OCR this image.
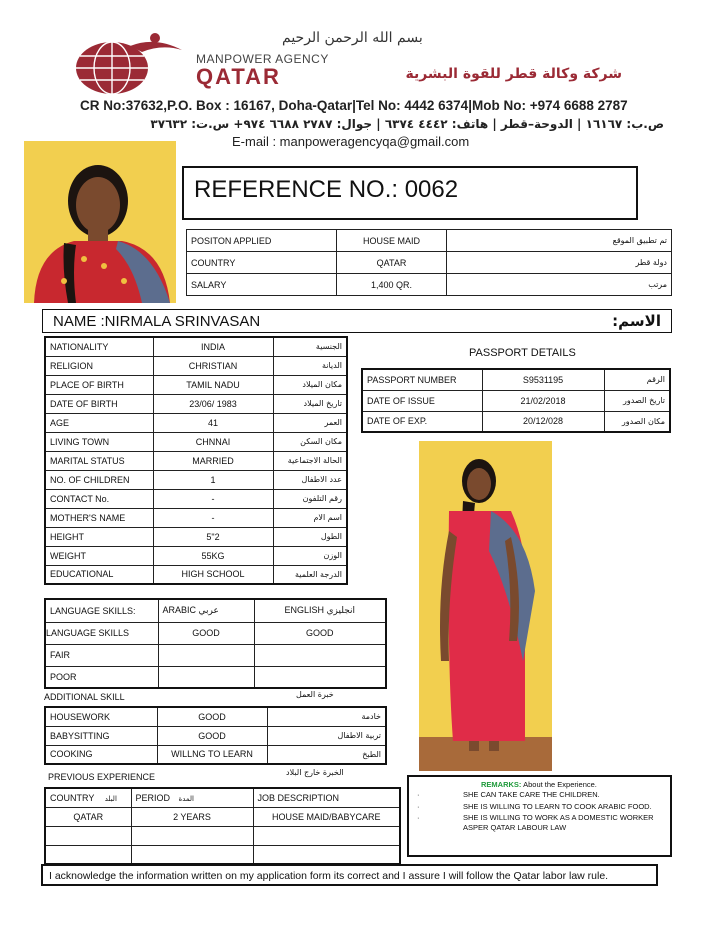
بسم الله الرحمن الرحيم
MANPOWER AGENCY
QATAR	شركة وكالة قطر للقوة البشرية
CR No:37632,P.O. Box : 16167, Doha-Qatar|Tel No: 4442 6374|Mob No: +974 6688 2787
ص.ب: ١٦١٦٧ | الدوحة–قطر | هاتف: ٤٤٤٢ ٦٣٧٤ | جوال: ٢٧٨٧ ٦٦٨٨ ٩٧٤+ س.ت: ٣٧٦٣٢
E-mail : manpoweragencyqa@gmail.com
REFERENCE NO.: 0062
POSITON APPLIED	HOUSE MAID	تم تطبيق الموقع
COUNTRY	QATAR	دولة قطر
SALARY	1,400 QR.	مرتب
NAME :NIRMALA SRINVASAN	الاسم:
NATIONALITY	INDIA	الجنسية
RELIGION	CHRISTIAN	الديانة
PLACE OF BIRTH	TAMIL NADU	مكان الميلاد
DATE OF BIRTH	23/06/ 1983	تاريخ الميلاد
AGE	41	العمر
LIVING TOWN	CHNNAI	مكان السكن
MARITAL STATUS	MARRIED	الحالة الاجتماعية
NO. OF CHILDREN	1	عدد الاطفال
CONTACT No.	-	رقم التلفون
MOTHER'S NAME	-	اسم الام
HEIGHT	5"2	الطول
WEIGHT	55KG	الوزن
EDUCATIONAL	HIGH SCHOOL	الدرجة العلمية
PASSPORT DETAILS
PASSPORT NUMBER	S9531195	الرقم
DATE OF ISSUE	21/02/2018	تاريخ الصدور
DATE OF EXP.	20/12/028	مكان الصدور
LANGUAGE SKILLS:	ARABIC عربي	ENGLISH انجليزي
LANGUAGE SKILLS	GOOD	GOOD
FAIR		
POOR		
ADDITIONAL SKILL	خبرة العمل
HOUSEWORK	GOOD	خادمة
BABYSITTING	GOOD	تربية الاطفال
COOKING	WILLNG TO LEARN	الطبخ
PREVIOUS EXPERIENCE	الخبرة خارج البلاد
COUNTRY البلد	PERIOD المدة	JOB DESCRIPTION
QATAR	2 YEARS	HOUSE MAID/BABYCARE

REMARKS: About the Experience.
·	SHE CAN TAKE CARE THE CHILDREN.
·	SHE IS WILLING TO LEARN TO COOK ARABIC FOOD.
·	SHE IS WILLING TO WORK AS A DOMESTIC WORKER ASPER QATAR LABOUR LAW
I acknowledge the information written on my application form its correct and I assure I will follow the Qatar labor law rule.
